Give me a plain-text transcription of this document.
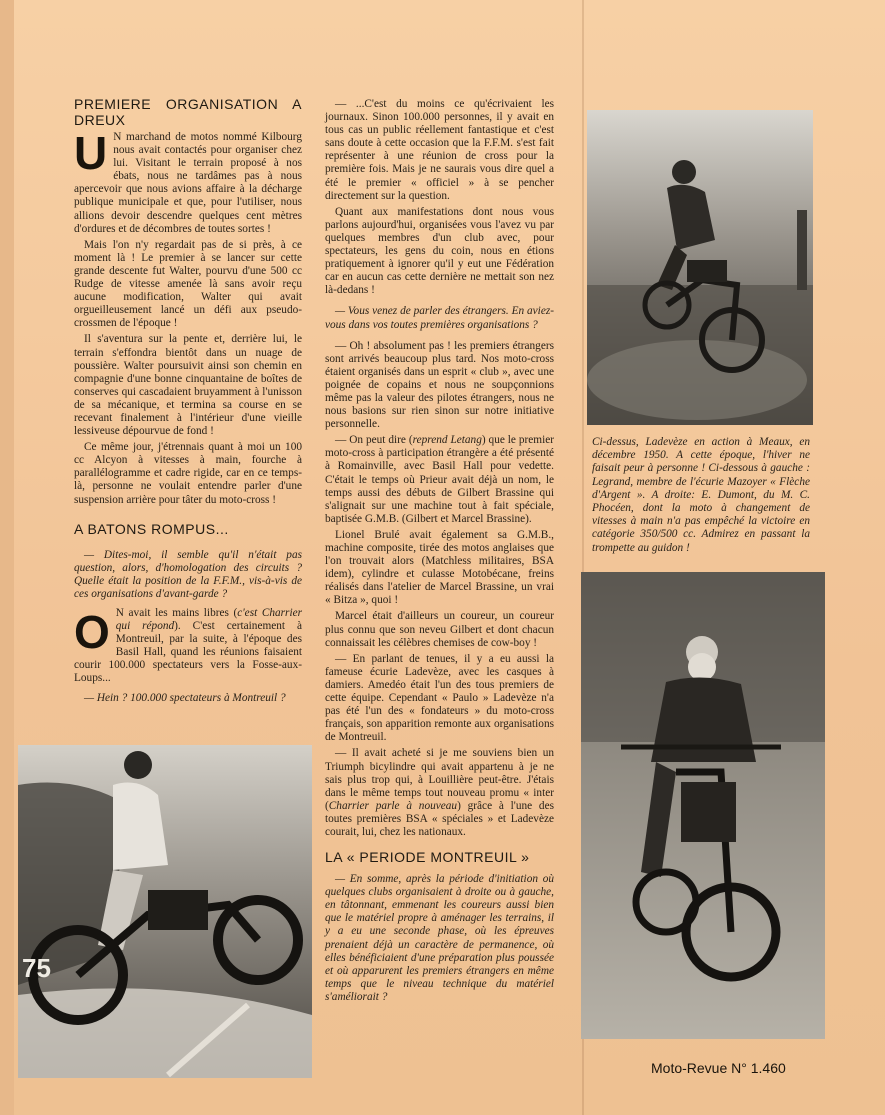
PREMIERE ORGANISATION A DREUX

U N marchand de motos nommé Kilbourg nous avait contactés pour organiser chez lui. Visitant le terrain proposé à nos ébats, nous ne tardâmes pas à nous apercevoir que nous avions affaire à la décharge publique municipale et que, pour l'utiliser, nous allions devoir descendre quelques cent mètres d'ordures et de décombres de toutes sortes !

Mais l'on n'y regardait pas de si près, à ce moment là ! Le premier à se lancer sur cette grande descente fut Walter, pourvu d'une 500 cc Rudge de vitesse amenée là sans avoir reçu aucune modification, Walter qui avait orgueilleusement lancé un défi aux pseudo-crossmen de l'époque !

Il s'aventura sur la pente et, derrière lui, le terrain s'effondra bientôt dans un nuage de poussière. Walter poursuivit ainsi son chemin en compagnie d'une bonne cinquantaine de boîtes de conserves qui cascadaient bruyamment à l'unisson de sa mécanique, et termina sa course en se recevant finalement à l'intérieur d'une vieille lessiveuse dépourvue de fond !

Ce même jour, j'étrennais quant à moi un 100 cc Alcyon à vitesses à main, fourche à parallélogramme et cadre rigide, car en ce temps-là, personne ne voulait entendre parler d'une suspension arrière pour tâter du moto-cross !

A BATONS ROMPUS...

— Dites-moi, il semble qu'il n'était pas question, alors, d'homologation des circuits ? Quelle était la position de la F.F.M., vis-à-vis de ces organisations d'avant-garde ?

O N avait les mains libres (c'est Charrier qui répond). C'est certainement à Montreuil, par la suite, à l'époque des Basil Hall, quand les réunions faisaient courir 100.000 spectateurs vers la Fosse-aux-Loups...

— Hein ? 100.000 spectateurs à Montreuil ?

— ...C'est du moins ce qu'écrivaient les journaux. Sinon 100.000 personnes, il y avait en tous cas un public réellement fantastique et c'est sans doute à cette occasion que la F.F.M. s'est fait représenter à une réunion de cross pour la première fois. Mais je ne saurais vous dire quel a été le premier « officiel » à se pencher directement sur la question.

Quant aux manifestations dont nous vous parlons aujourd'hui, organisées vous l'avez vu par quelques membres d'un club avec, pour spectateurs, les gens du coin, nous en étions pratiquement à ignorer qu'il y eut une Fédération car en aucun cas cette dernière ne mettait son nez là-dedans !

— Vous venez de parler des étrangers. En aviez-vous dans vos toutes premières organisations ?

— Oh ! absolument pas ! les premiers étrangers sont arrivés beaucoup plus tard. Nos moto-cross étaient organisés dans un esprit « club », avec une poignée de copains et nous ne soupçonnions même pas la valeur des pilotes étrangers, nous ne nous basions sur rien sinon sur notre initiative personnelle.

— On peut dire (reprend Letang) que le premier moto-cross à participation étrangère a été présenté à Romainville, avec Basil Hall pour vedette. C'était le temps où Prieur avait déjà un nom, le temps aussi des débuts de Gilbert Brassine qui s'alignait sur une machine tout à fait spéciale, baptisée G.M.B. (Gilbert et Marcel Brassine).

Lionel Brulé avait également sa G.M.B., machine composite, tirée des motos anglaises que l'on trouvait alors (Matchless militaires, BSA idem), cylindre et culasse Motobécane, freins réalisés dans l'atelier de Marcel Brassine, un vrai « Bitza », quoi !

Marcel était d'ailleurs un coureur, un coureur plus connu que son neveu Gilbert et dont chacun connaissait les célèbres chemises de cow-boy !

— En parlant de tenues, il y a eu aussi la fameuse écurie Ladevèze, avec les casques à damiers. Amedéo était l'un des tous premiers de cette équipe. Cependant « Paulo » Ladevèze n'a pas été l'un des « fondateurs » du moto-cross français, son apparition remonte aux organisations de Montreuil.

— Il avait acheté si je me souviens bien un Triumph bicylindre qui avait appartenu à je ne sais plus trop qui, à Louillière peut-être. J'étais dans le même temps tout nouveau promu « inter (Charrier parle à nouveau) grâce à l'une des toutes premières BSA « spéciales » et Ladevèze courait, lui, chez les nationaux.

LA « PERIODE MONTREUIL »

— En somme, après la période d'initiation où quelques clubs organisaient à droite ou à gauche, en tâtonnant, emmenant les coureurs aussi bien que le matériel propre à aménager les terrains, il y a eu une seconde phase, où les épreuves prenaient déjà un caractère de permanence, où elles bénéficiaient d'une préparation plus poussée et où apparurent les premiers étrangers en même temps que le niveau technique du matériel s'améliorait ?

Ci-dessus, Ladevèze en action à Meaux, en décembre 1950. A cette époque, l'hiver ne faisait peur à personne ! Ci-dessous à gauche : Legrand, membre de l'écurie Mazoyer « Flèche d'Argent ». A droite: E. Dumont, du M. C. Phocéen, dont la moto à changement de vitesses à main n'a pas empêché la victoire en catégorie 350/500 cc. Admirez en passant la trompette au guidon !
75
Moto-Revue N° 1.460
